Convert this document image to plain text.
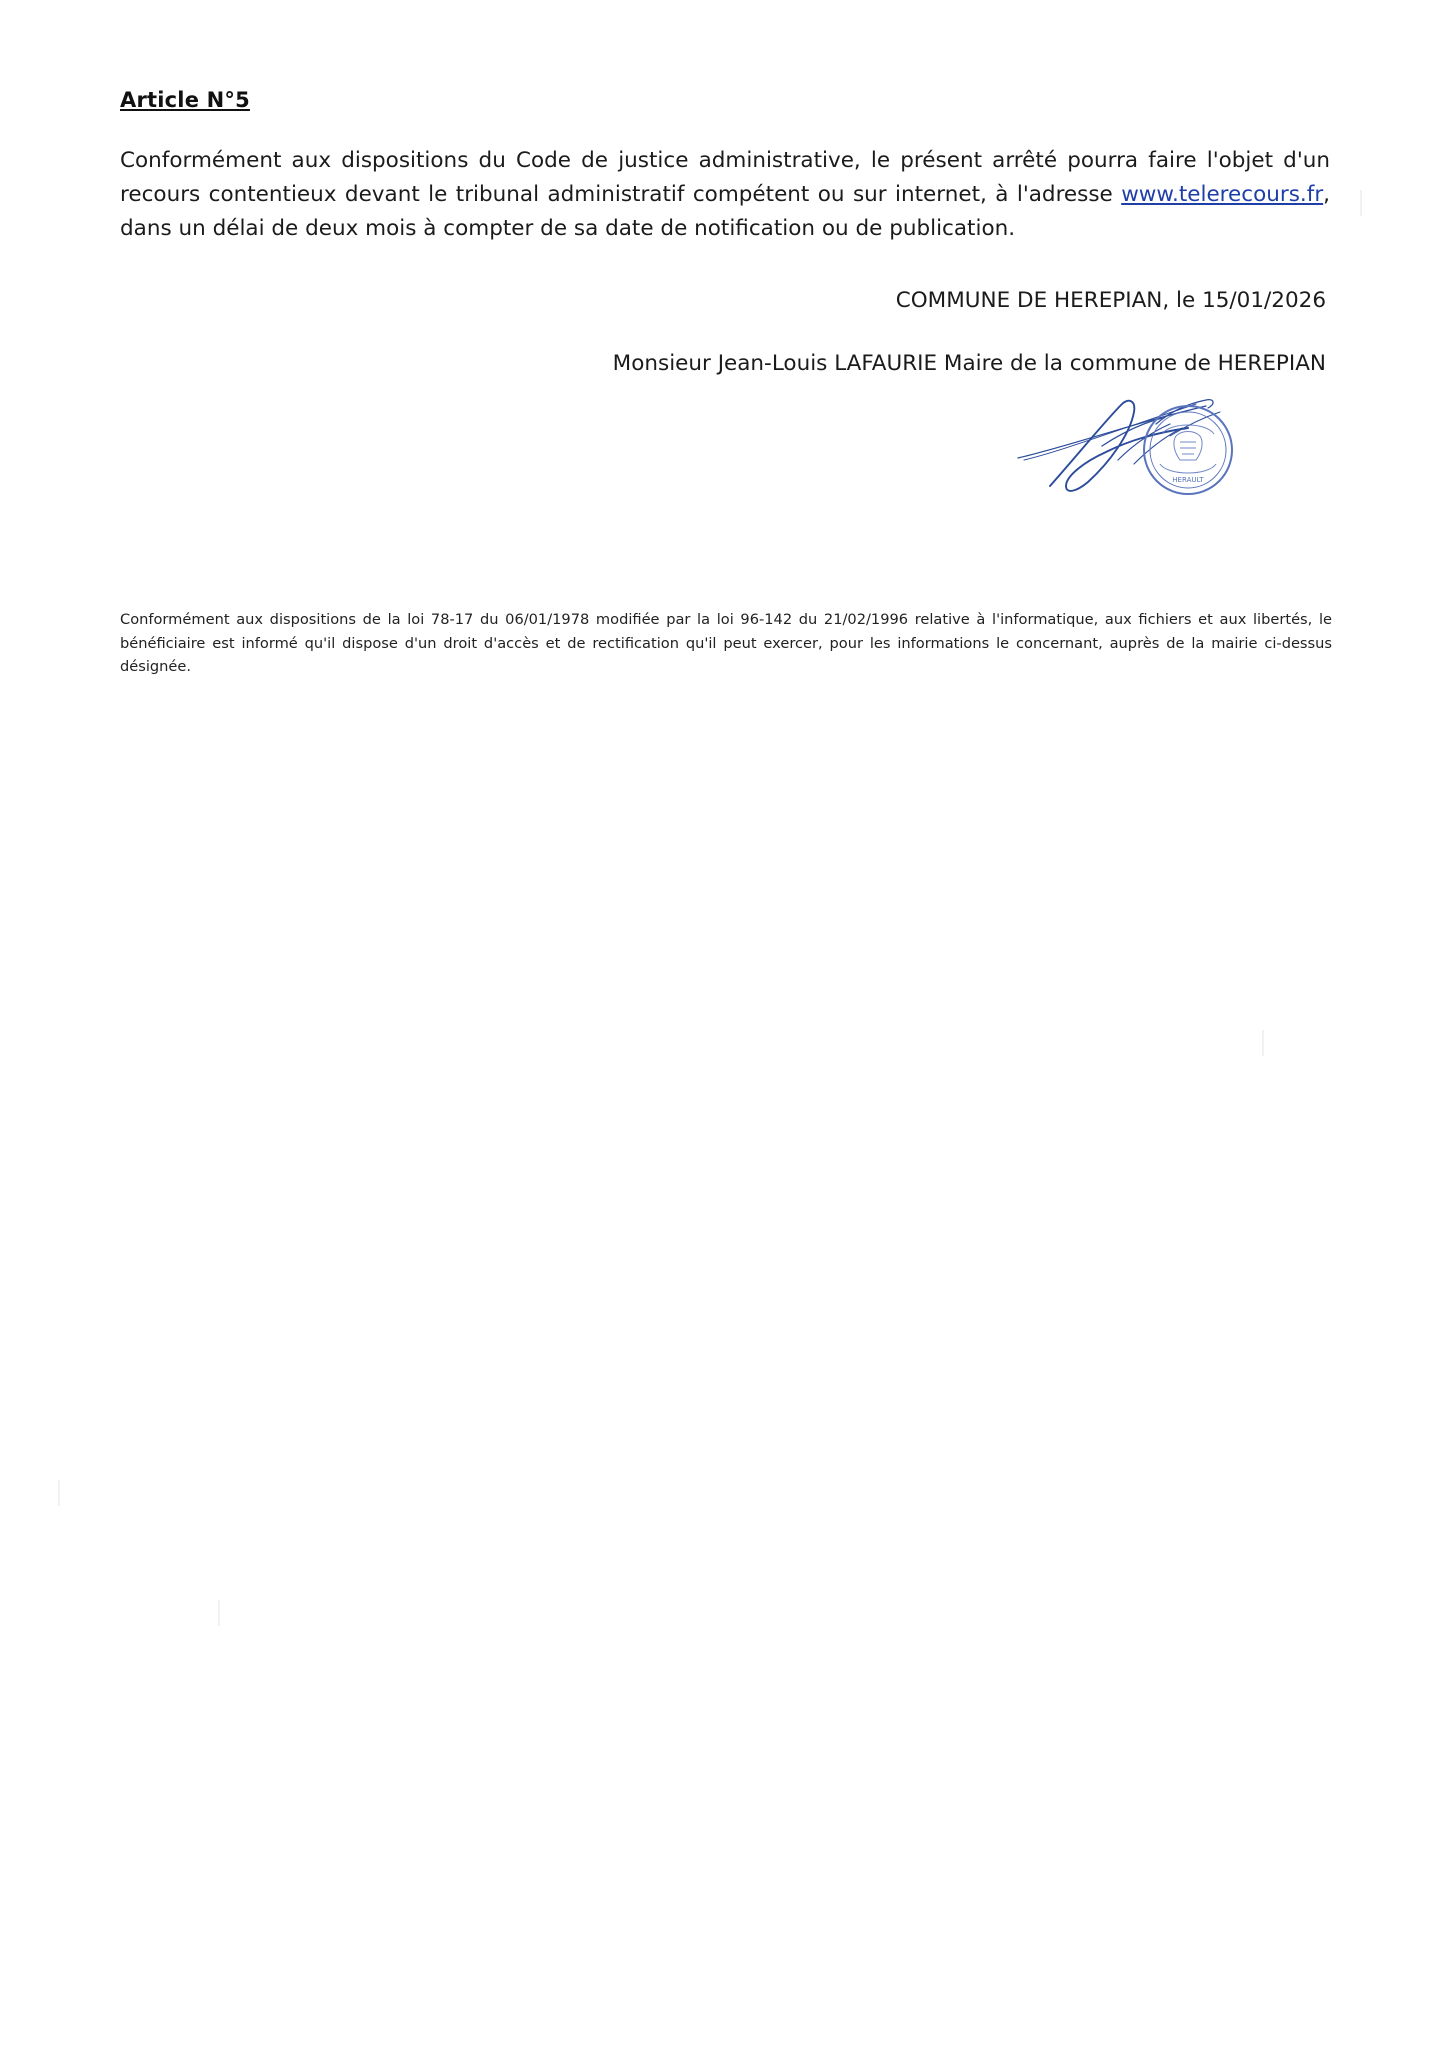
Article N°5

Conformément aux dispositions du Code de justice administrative, le présent arrêté pourra faire l'objet d'un recours contentieux devant le tribunal administratif compétent ou sur internet, à l'adresse www.telerecours.fr, dans un délai de deux mois à compter de sa date de notification ou de publication.

COMMUNE DE HEREPIAN, le 15/01/2026
Monsieur Jean-Louis LAFAURIE Maire de la commune de HEREPIAN
HERAULT
Conformément aux dispositions de la loi 78-17 du 06/01/1978 modifiée par la loi 96-142 du 21/02/1996 relative à l'informatique, aux fichiers et aux libertés, le bénéficiaire est informé qu'il dispose d'un droit d'accès et de rectification qu'il peut exercer, pour les informations le concernant, auprès de la mairie ci-dessus désignée.
